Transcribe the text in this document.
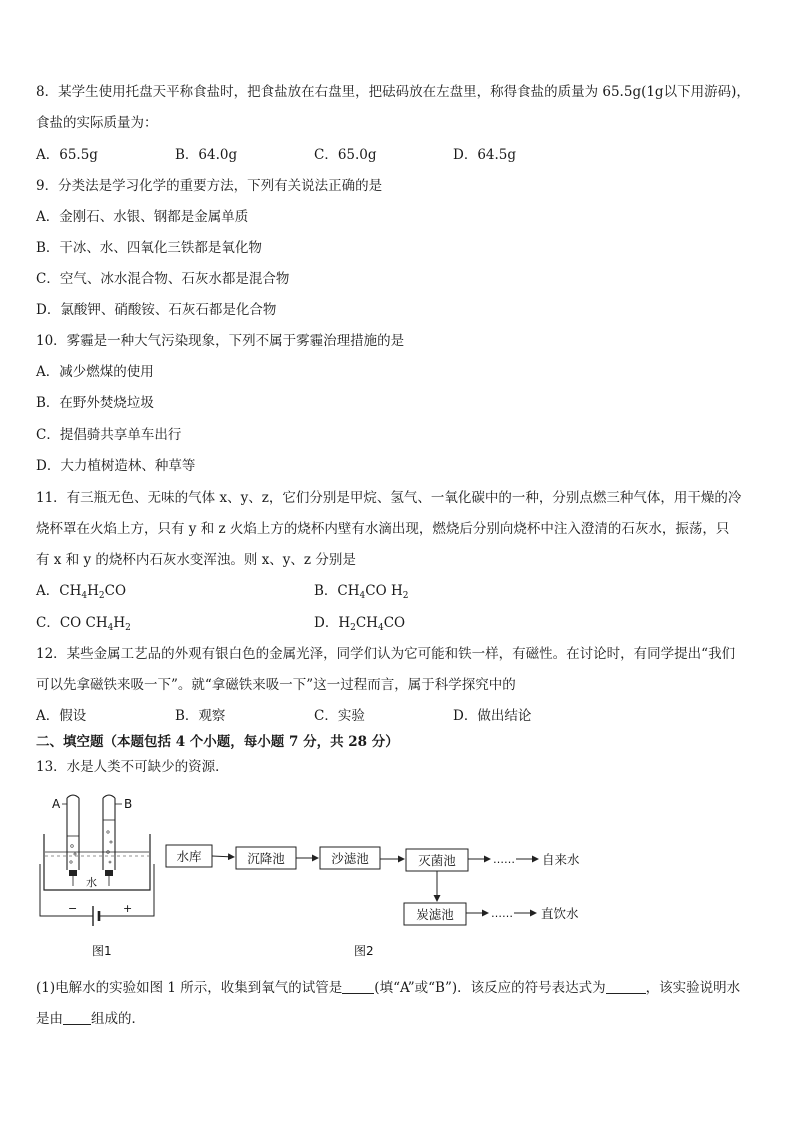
8．某学生使用托盘天平称食盐时，把食盐放在右盘里，把砝码放在左盘里，称得食盐的质量为 65.5g(1g以下用游码)，
食盐的实际质量为：
A．65.5g	B．64.0g	C．65.0g	D．64.5g
9．分类法是学习化学的重要方法，下列有关说法正确的是
A．金刚石、水银、钢都是金属单质
B．干冰、水、四氧化三铁都是氧化物
C．空气、冰水混合物、石灰水都是混合物
D．氯酸钾、硝酸铵、石灰石都是化合物
10．雾霾是一种大气污染现象，下列不属于雾霾治理措施的是
A．减少燃煤的使用
B．在野外焚烧垃圾
C．提倡骑共享单车出行
D．大力植树造林、种草等
11．有三瓶无色、无味的气体 x、y、z，它们分别是甲烷、氢气、一氧化碳中的一种，分别点燃三种气体，用干燥的冷
烧杯罩在火焰上方，只有 y 和 z 火焰上方的烧杯内壁有水滴出现，燃烧后分别向烧杯中注入澄清的石灰水，振荡，只
有 x 和 y 的烧杯内石灰水变浑浊。则 x、y、z 分别是
A．$CH_4H_2CO$	B．$CH_4CO$ $H_2$
C．CO $CH_4H_2$	D．$H_2CH_4CO$
12．某些金属工艺品的外观有银白色的金属光泽，同学们认为它可能和铁一样，有磁性。在讨论时，有同学提出“我们
可以先拿磁铁来吸一下”。就“拿磁铁来吸一下”这一过程而言，属于科学探究中的
A．假设	B．观察	C．实验	D．做出结论
二、填空题（本题包括 4 个小题，每小题 7 分，共 28 分）
13．水是人类不可缺少的资源．
A	B
水
−	+
图1
水库	沉降池	沙滤池	灭菌池
炭滤池
……
……
自来水
直饮水
图2
(1)电解水的实验如图 1 所示，收集到氧气的试管是 (填“A”或“B”)．该反应的符号表达式为	，该实验说明水
是由 组成的．
